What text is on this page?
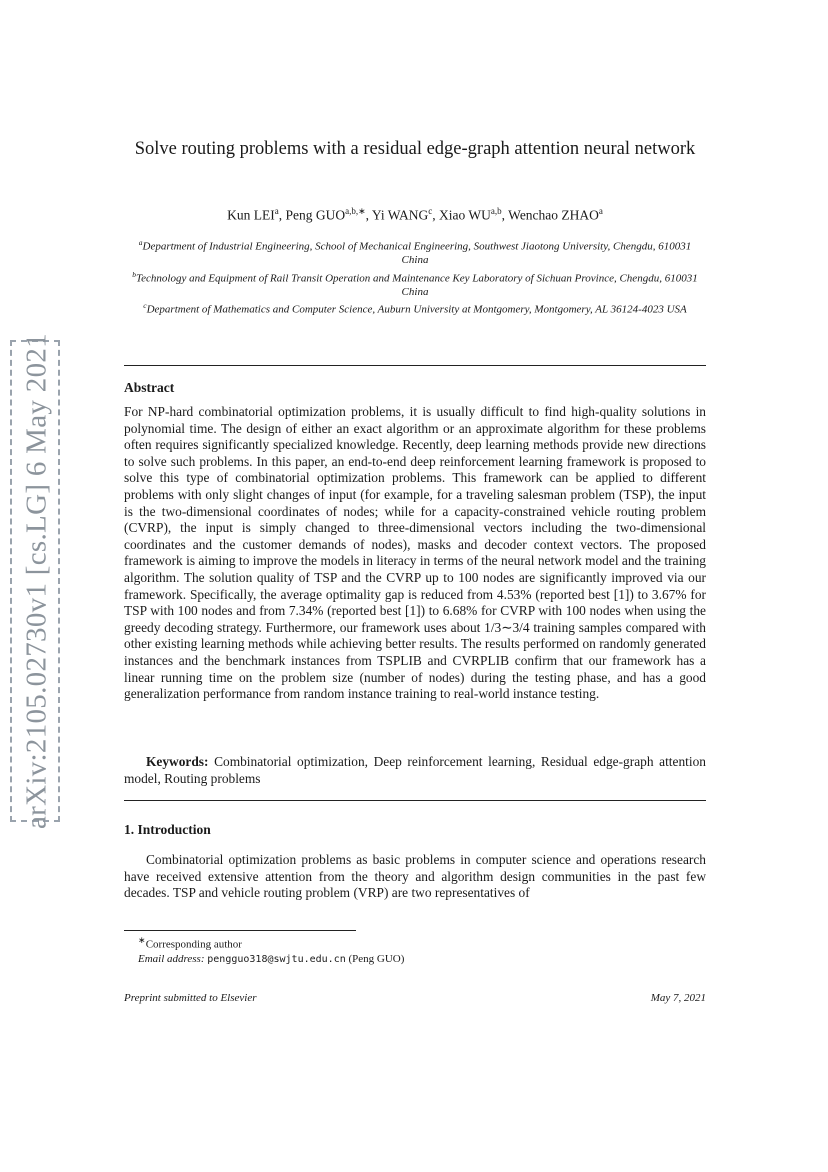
arXiv:2105.02730v1 [cs.LG] 6 May 2021
Solve routing problems with a residual edge-graph attention neural network
Kun LEI$^a$, Peng $GUO^{a,b,∗}$, Yi WANG$^c$, Xiao WU$^{a,b}$, Wenchao ZHAO$^a$
$^a$Department of Industrial Engineering, School of Mechanical Engineering, Southwest Jiaotong University, Chengdu, 610031 China
$^b$Technology and Equipment of Rail Transit Operation and Maintenance Key Laboratory of Sichuan Province, Chengdu, 610031 China
$^c$Department of Mathematics and Computer Science, Auburn University at Montgomery, Montgomery, AL 36124-4023 USA
Abstract
For NP-hard combinatorial optimization problems, it is usually difficult to find high-quality solutions in polynomial time. The design of either an exact algorithm or an approximate algorithm for these problems often requires significantly specialized knowledge. Recently, deep learning methods provide new directions to solve such problems. In this paper, an end-to-end deep reinforcement learning framework is proposed to solve this type of combinatorial optimization problems. This framework can be applied to different problems with only slight changes of input (for example, for a traveling salesman problem (TSP), the input is the two-dimensional coordinates of nodes; while for a capacity-constrained vehicle routing problem (CVRP), the input is simply changed to three-dimensional vectors including the two-dimensional coordinates and the customer demands of nodes), masks and decoder context vectors. The proposed framework is aiming to improve the models in literacy in terms of the neural network model and the training algorithm. The solution quality of TSP and the CVRP up to 100 nodes are significantly improved via our framework. Specifically, the average optimality gap is reduced from 4.53% (reported best [1]) to 3.67% for TSP with 100 nodes and from 7.34% (reported best [1]) to 6.68% for CVRP with 100 nodes when using the greedy decoding strategy. Furthermore, our framework uses about 1/3∼3/4 training samples compared with other existing learning methods while achieving better results. The results performed on randomly generated instances and the benchmark instances from TSPLIB and CVRPLIB confirm that our framework has a linear running time on the problem size (number of nodes) during the testing phase, and has a good generalization performance from random instance training to real-world instance testing.
Keywords: Combinatorial optimization, Deep reinforcement learning, Residual edge-graph attention model, Routing problems
1. Introduction
Combinatorial optimization problems as basic problems in computer science and operations research have received extensive attention from the theory and algorithm design communities in the past few decades. TSP and vehicle routing problem (VRP) are two representatives of
∗Corresponding author
Email address: pengguo318@swjtu.edu.cn (Peng GUO)
Preprint submitted to Elsevier	May 7, 2021
